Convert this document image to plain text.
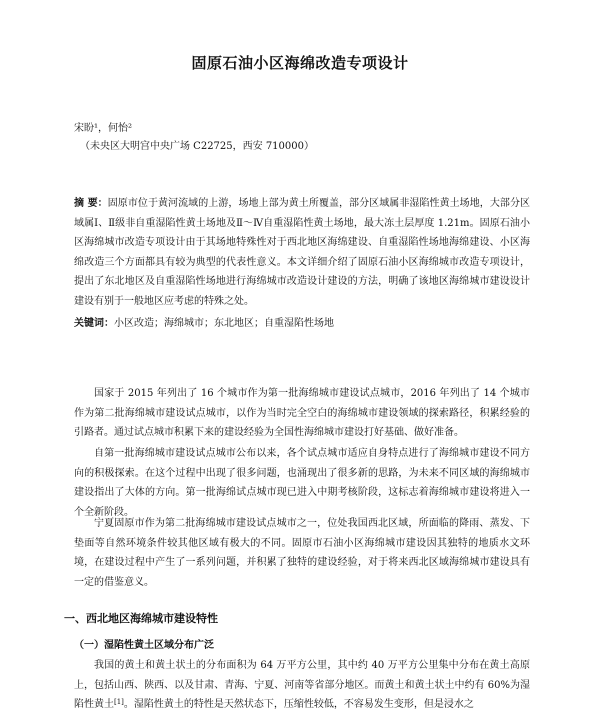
固原石油小区海绵改造专项设计
宋盼¹，何怡²
（未央区大明宫中央广场 C22725，西安 710000）
摘 要：固原市位于黄河流域的上游，场地上部为黄土所覆盖，部分区域属非湿陷性黄土场地，大部分区域属Ⅰ、Ⅱ级非自重湿陷性黄土场地及Ⅱ～Ⅳ自重湿陷性黄土场地，最大冻土层厚度 1.21m。固原石油小区海绵城市改造专项设计由于其场地特殊性对于西北地区海绵建设、自重湿陷性场地海绵建设、小区海绵改造三个方面都具有较为典型的代表性意义。本文详细介绍了固原石油小区海绵城市改造专项设计，提出了东北地区及自重湿陷性场地进行海绵城市改造设计建设的方法，明确了该地区海绵城市建设设计建设有别于一般地区应考虑的特殊之处。
关键词：小区改造；海绵城市；东北地区；自重湿陷性场地

国家于 2015 年列出了 16 个城市作为第一批海绵城市建设试点城市，2016 年列出了 14 个城市作为第二批海绵城市建设试点城市，以作为当时完全空白的海绵城市建设领域的探索路径，积累经验的引路者。通过试点城市积累下来的建设经验为全国性海绵城市建设打好基础、做好准备。

自第一批海绵城市建设试点城市公布以来，各个试点城市适应自身特点进行了海绵城市建设不同方向的积极探索。在这个过程中出现了很多问题，也涌现出了很多新的思路，为未来不同区域的海绵城市建设指出了大体的方向。第一批海绵试点城市现已进入中期考核阶段，这标志着海绵城市建设将进入一个全新阶段。

宁夏固原市作为第二批海绵城市建设试点城市之一，位处我国西北区域，所面临的降雨、蒸发、下垫面等自然环境条件较其他区域有极大的不同。固原市石油小区海绵城市建设因其独特的地质水文环境，在建设过程中产生了一系列问题，并积累了独特的建设经验，对于将来西北区域海绵城市建设具有一定的借鉴意义。

一、西北地区海绵城市建设特性
（一）湿陷性黄土区域分布广泛

我国的黄土和黄土状土的分布面积为 64 万平方公里，其中约 40 万平方公里集中分布在黄土高原上，包括山西、陕西、以及甘肃、青海、宁夏、河南等省部分地区。而黄土和黄土状土中约有 60%为湿陷性黄土[1]。湿陷性黄土的特性是天然状态下，压缩性较低，不容易发生变形，但是浸水之
